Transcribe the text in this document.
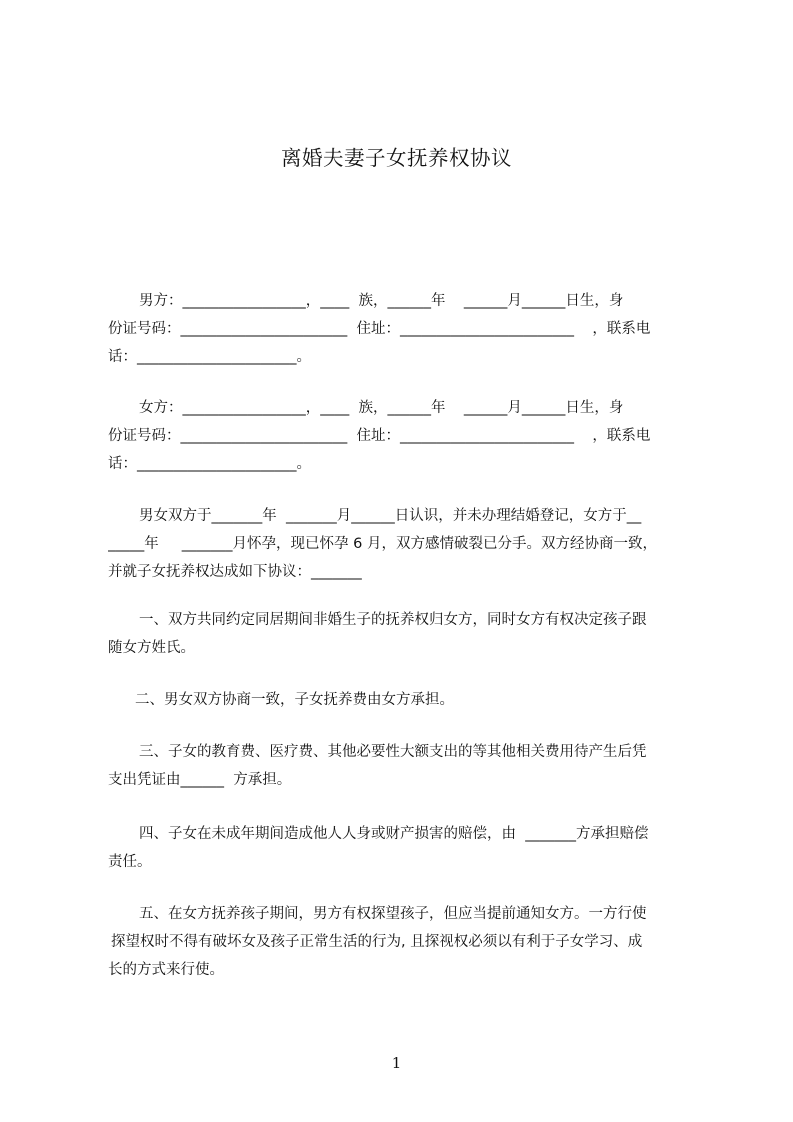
离婚夫妻子女抚养权协议
男方：_________________，____  族，______年    ______月______日生，身
份证号码：_______________________  住址：________________________    ，联系电
话：______________________。
女方：_________________，____  族，______年    ______月______日生，身
份证号码：_______________________  住址：________________________    ，联系电
话：______________________。
男女双方于_______年  _______月______日认识，并未办理结婚登记，女方于__
_____年     _______月怀孕，现已怀孕 6 月，双方感情破裂已分手。双方经协商一致，
并就子女抚养权达成如下协议：_______
一、双方共同约定同居期间非婚生子的抚养权归女方，同时女方有权决定孩子跟
随女方姓氏。
二、男女双方协商一致，子女抚养费由女方承担。
三、子女的教育费、医疗费、其他必要性大额支出的等其他相关费用待产生后凭
支出凭证由______  方承担。
四、子女在未成年期间造成他人人身或财产损害的赔偿，由  _______方承担赔偿
责任。
五、在女方抚养孩子期间，男方有权探望孩子，但应当提前通知女方。一方行使
探望权时不得有破坏女及孩子正常生活的行为, 且探视权必须以有利于子女学习、成
长的方式来行使。
1
